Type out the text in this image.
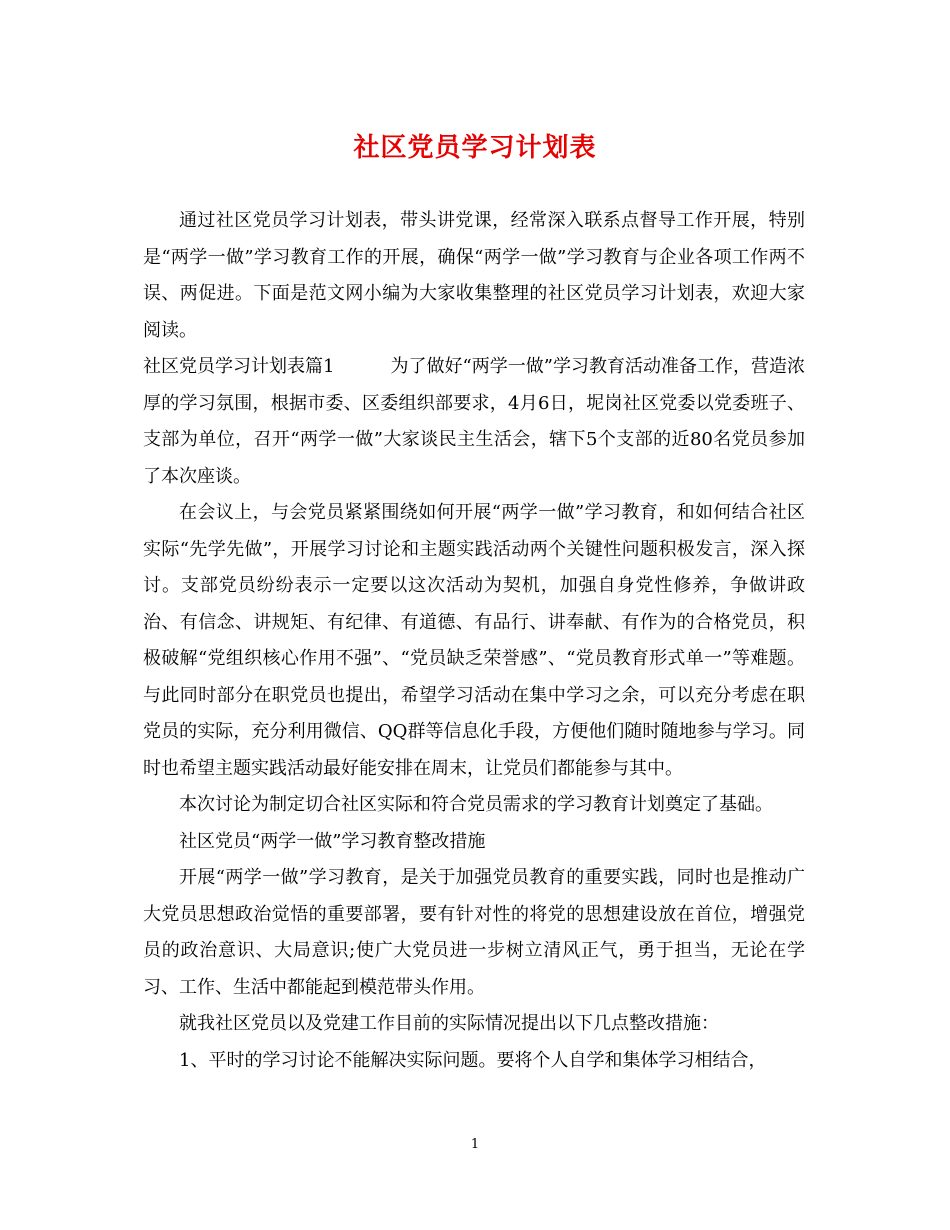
社区党员学习计划表

通过社区党员学习计划表，带头讲党课，经常深入联系点督导工作开展，特别是“两学一做”学习教育工作的开展，确保“两学一做”学习教育与企业各项工作两不误、两促进。下面是范文网小编为大家收集整理的社区党员学习计划表，欢迎大家阅读。

社区党员学习计划表篇1	为了做好“两学一做”学习教育活动准备工作，营造浓厚的学习氛围，根据市委、区委组织部要求，4月6日，坭岗社区党委以党委班子、支部为单位，召开“两学一做”大家谈民主生活会，辖下5个支部的近80名党员参加了本次座谈。

在会议上，与会党员紧紧围绕如何开展“两学一做”学习教育，和如何结合社区实际“先学先做”，开展学习讨论和主题实践活动两个关键性问题积极发言，深入探讨。支部党员纷纷表示一定要以这次活动为契机，加强自身党性修养，争做讲政治、有信念、讲规矩、有纪律、有道德、有品行、讲奉献、有作为的合格党员，积极破解“党组织核心作用不强”、“党员缺乏荣誉感”、“党员教育形式单一”等难题。与此同时部分在职党员也提出，希望学习活动在集中学习之余，可以充分考虑在职党员的实际，充分利用微信、QQ群等信息化手段，方便他们随时随地参与学习。同时也希望主题实践活动最好能安排在周末，让党员们都能参与其中。

本次讨论为制定切合社区实际和符合党员需求的学习教育计划奠定了基础。

社区党员“两学一做”学习教育整改措施

开展“两学一做”学习教育，是关于加强党员教育的重要实践，同时也是推动广大党员思想政治觉悟的重要部署，要有针对性的将党的思想建设放在首位，增强党员的政治意识、大局意识;使广大党员进一步树立清风正气，勇于担当，无论在学习、工作、生活中都能起到模范带头作用。

就我社区党员以及党建工作目前的实际情况提出以下几点整改措施：

1、平时的学习讨论不能解决实际问题。要将个人自学和集体学习相结合，

1
